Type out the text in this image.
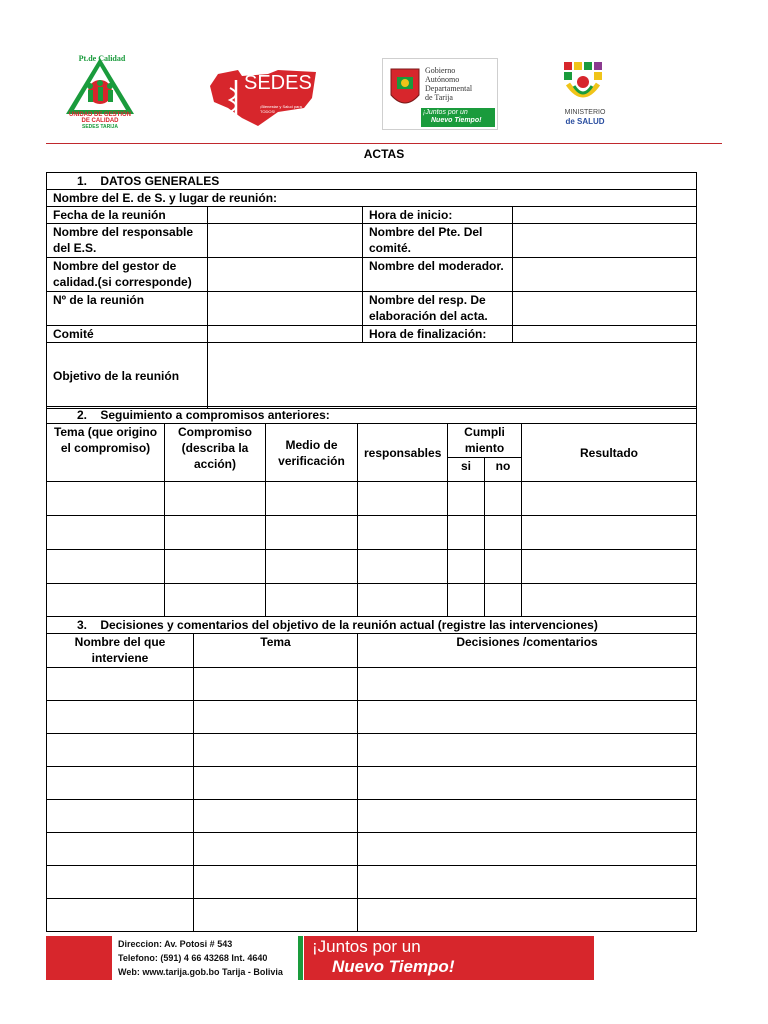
Pt.de Calidad
UNIDAD DE GESTIÓN
DE CALIDAD
SEDES TARIJA
SEDES
¡Bienestar y Salud para TODOS!
Gobierno
Autónomo
Departamental
de Tarija
¡Juntos por un
Nuevo Tiempo!
MINISTERIO
de SALUD
ACTAS
1.    DATOS GENERALES			
Nombre del E. de S. y lugar de reunión:			
Fecha de la reunión		Hora de inicio:	
Nombre del responsable del E.S.		Nombre del Pte. Del comité.	
Nombre del gestor de calidad.(si corresponde)		Nombre del moderador.	
Nº de la reunión		Nombre del resp. De elaboración del acta.	
Comité		Hora de finalización:	
Objetivo de la reunión			
2.    Seguimiento a compromisos anteriores:						
Tema (que origino el compromiso)	Compromiso (describa la acción)	Medio de verificación	responsables	Cumpli miento		Resultado
				si	no	

3.    Decisiones y comentarios del objetivo de la reunión actual (registre las intervenciones)		
Nombre del que interviene	Tema	Decisiones /comentarios

Direccion: Av. Potosi # 543
Telefono: (591) 4 66 43268 Int. 4640
Web: www.tarija.gob.bo Tarija - Bolivia
¡Juntos por un
Nuevo Tiempo!
